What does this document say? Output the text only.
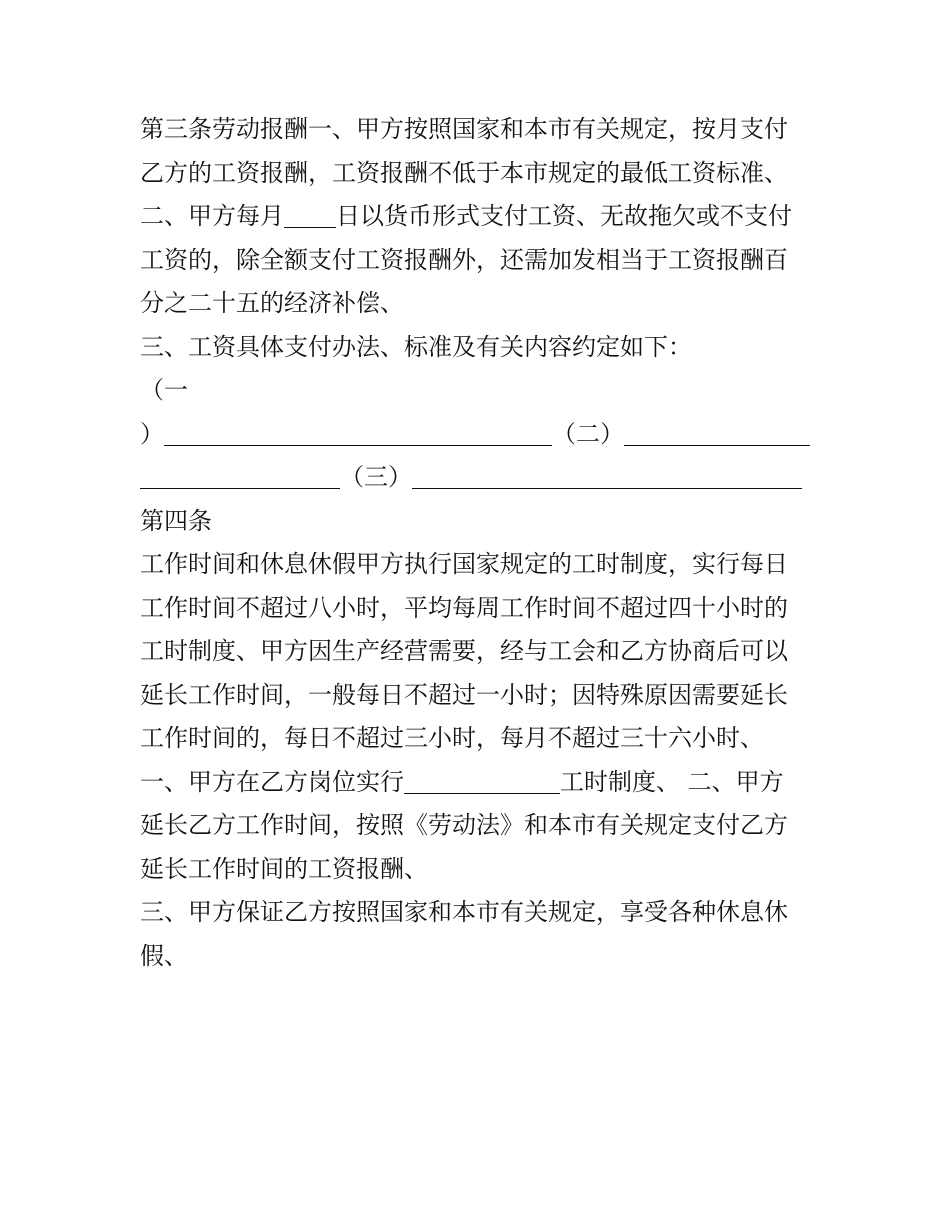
第三条劳动报酬一、甲方按照国家和本市有关规定，按月支付
乙方的工资报酬，工资报酬不低于本市规定的最低工资标准、
二、甲方每月 日以货币形式支付工资、无故拖欠或不支付
工资的，除全额支付工资报酬外，还需加发相当于工资报酬百
分之二十五的经济补偿、
三、工资具体支付办法、标准及有关内容约定如下：
（一
）	（二）
（三）
第四条
工作时间和休息休假甲方执行国家规定的工时制度，实行每日
工作时间不超过八小时，平均每周工作时间不超过四十小时的
工时制度、甲方因生产经营需要，经与工会和乙方协商后可以
延长工作时间，一般每日不超过一小时；因特殊原因需要延长
工作时间的，每日不超过三小时，每月不超过三十六小时、
一、甲方在乙方岗位实行	工时制度、 二、甲方
延长乙方工作时间，按照《劳动法》和本市有关规定支付乙方
延长工作时间的工资报酬、
三、甲方保证乙方按照国家和本市有关规定，享受各种休息休
假、
